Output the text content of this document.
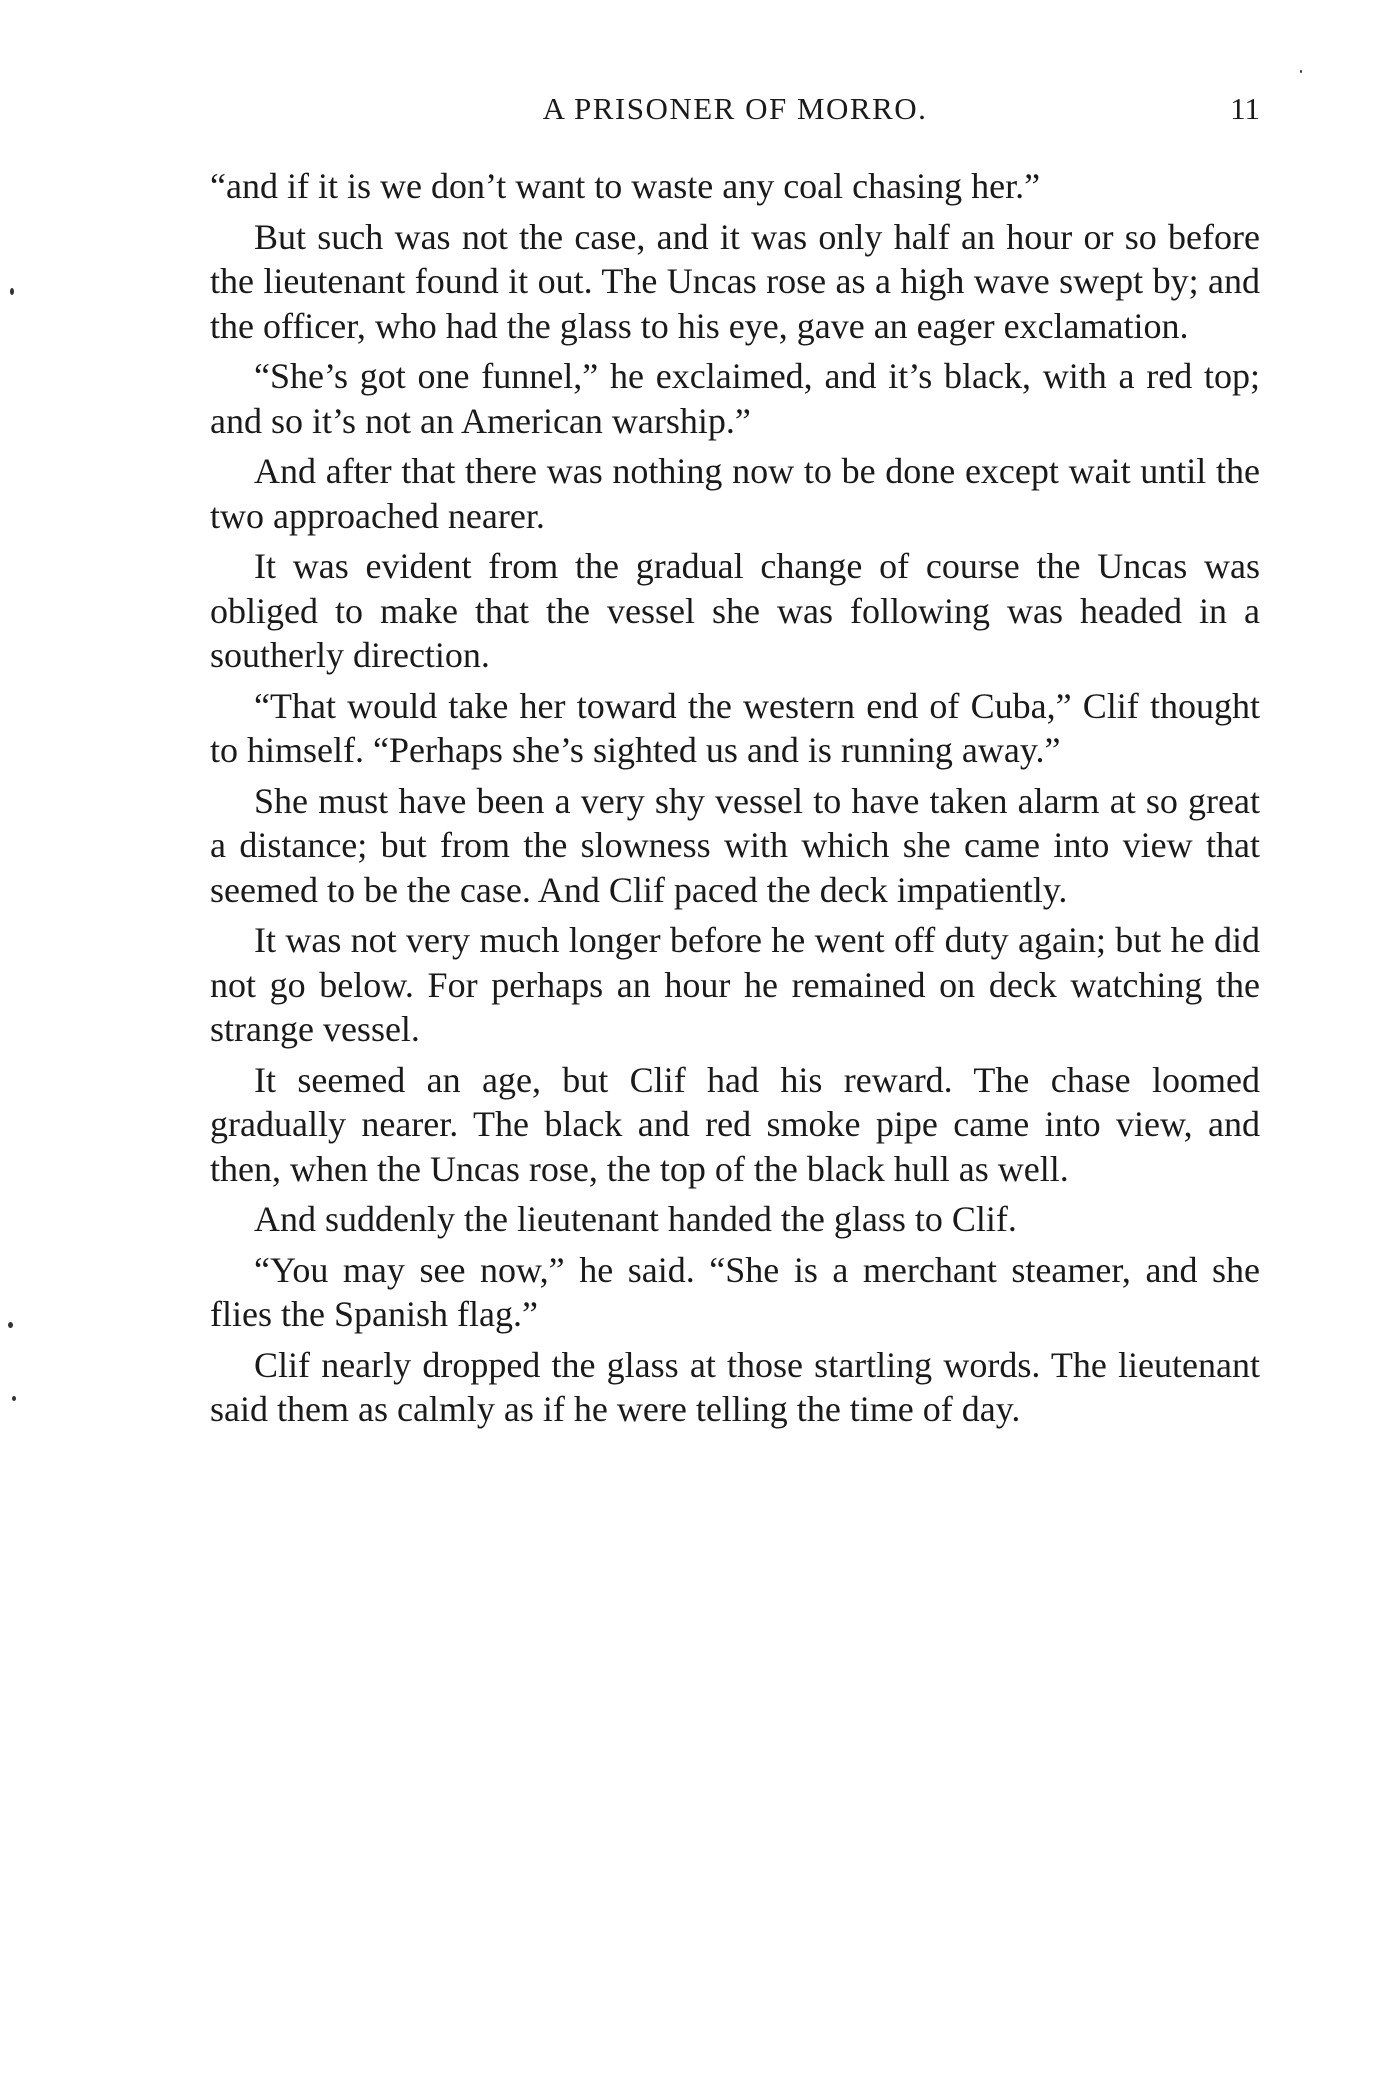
A PRISONER OF MORRO.	11

“and if it is we don’t want to waste any coal chasing her.”

But such was not the case, and it was only half an hour or so before the lieutenant found it out. The Uncas rose as a high wave swept by; and the officer, who had the glass to his eye, gave an eager exclamation.

“She’s got one funnel,” he exclaimed, and it’s black, with a red top; and so it’s not an American warship.”

And after that there was nothing now to be done except wait until the two approached nearer.

It was evident from the gradual change of course the Uncas was obliged to make that the vessel she was following was headed in a southerly direction.

“That would take her toward the western end of Cuba,” Clif thought to himself. “Perhaps she’s sighted us and is running away.”

She must have been a very shy vessel to have taken alarm at so great a distance; but from the slowness with which she came into view that seemed to be the case. And Clif paced the deck impatiently.

It was not very much longer before he went off duty again; but he did not go below. For perhaps an hour he remained on deck watching the strange vessel.

It seemed an age, but Clif had his reward. The chase loomed gradually nearer. The black and red smoke pipe came into view, and then, when the Uncas rose, the top of the black hull as well.

And suddenly the lieutenant handed the glass to Clif.

“You may see now,” he said. “She is a merchant steamer, and she flies the Spanish flag.”

Clif nearly dropped the glass at those startling words. The lieutenant said them as calmly as if he were telling the time of day.
